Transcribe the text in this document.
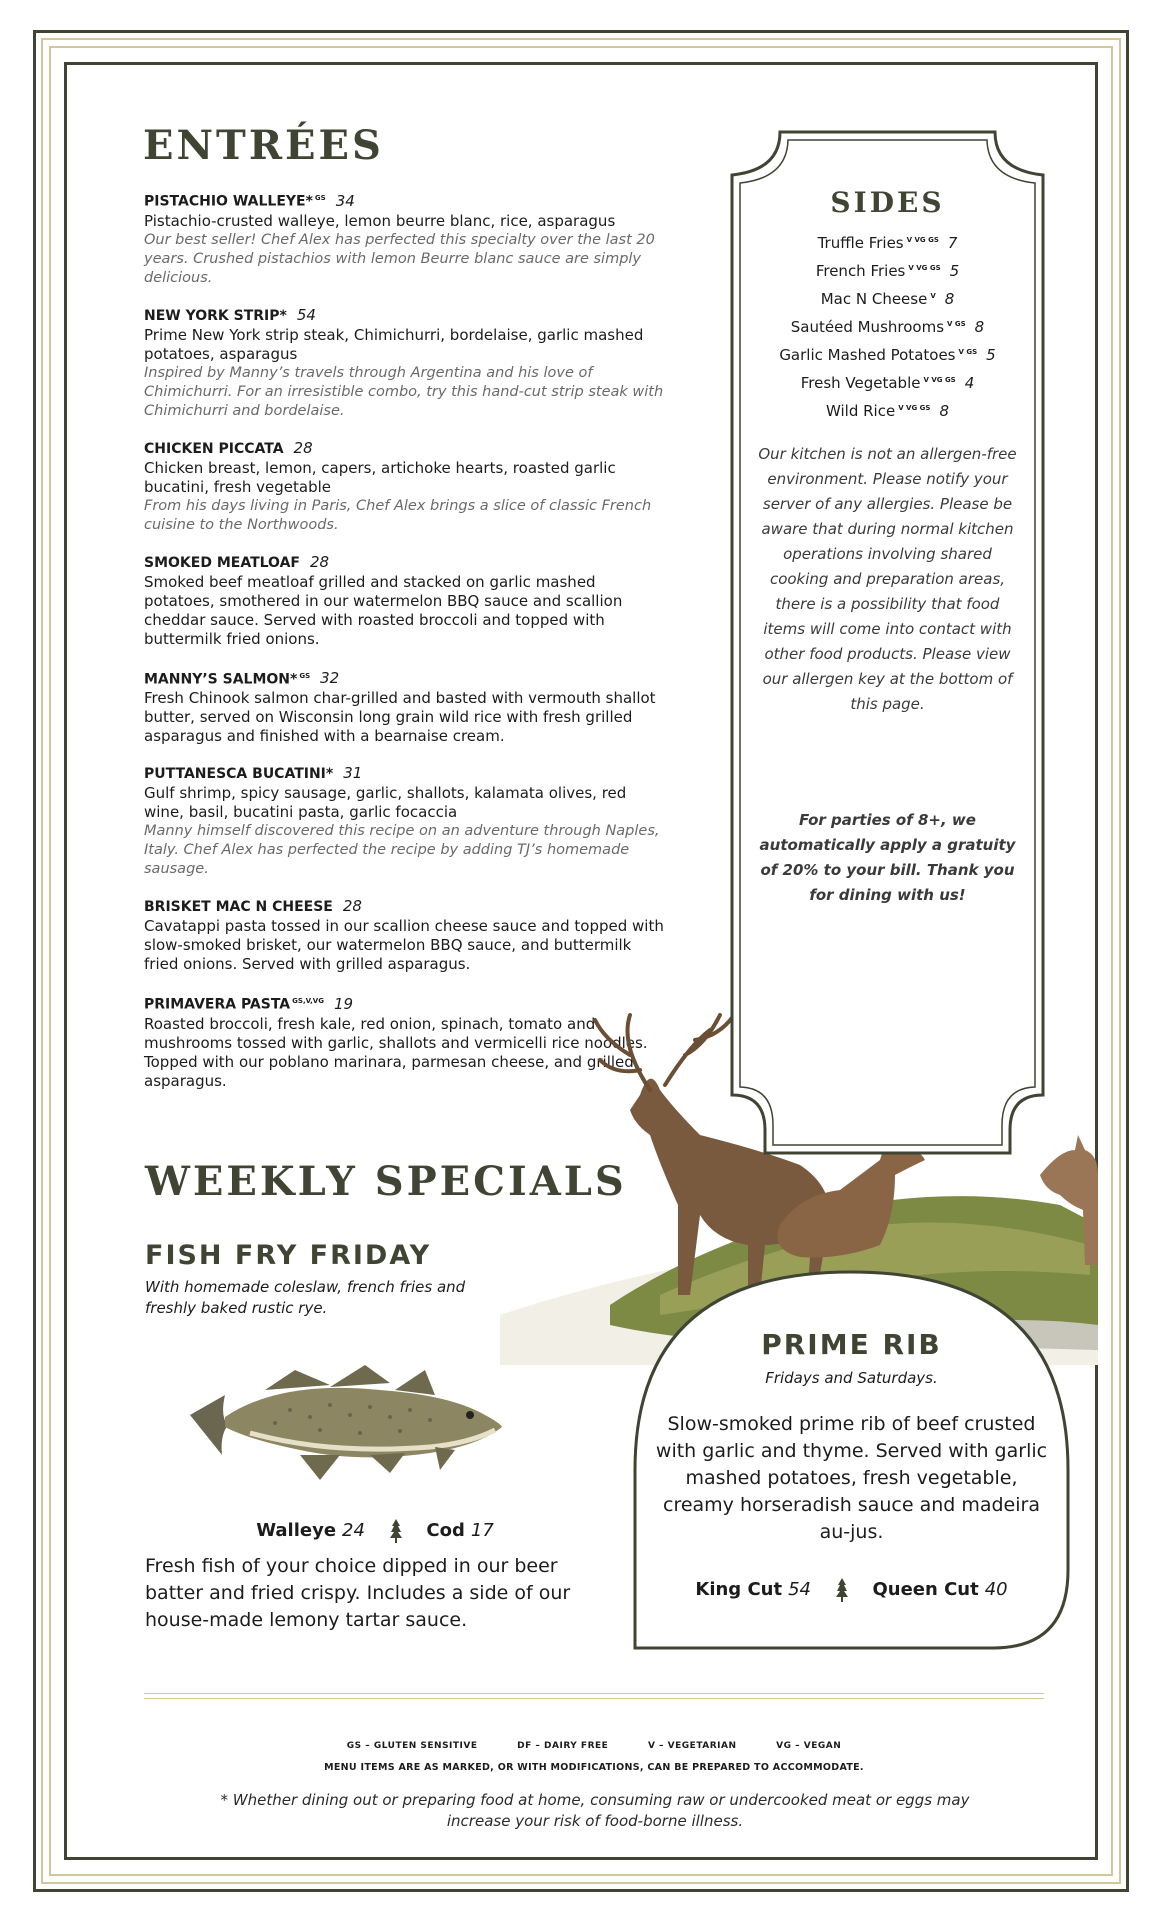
ENTRÉES
PISTACHIO WALLEYE* $^{GS}$ 34
Pistachio-crusted walleye, lemon beurre blanc, rice, asparagus
Our best seller! Chef Alex has perfected this specialty over the last 20 years. Crushed pistachios with lemon Beurre blanc sauce are simply delicious.
NEW YORK STRIP* 54
Prime New York strip steak, Chimichurri, bordelaise, garlic mashed potatoes, asparagus
Inspired by Manny’s travels through Argentina and his love of Chimichurri. For an irresistible combo, try this hand-cut strip steak with Chimichurri and bordelaise.
CHICKEN PICCATA 28
Chicken breast, lemon, capers, artichoke hearts, roasted garlic bucatini, fresh vegetable
From his days living in Paris, Chef Alex brings a slice of classic French cuisine to the Northwoods.
SMOKED MEATLOAF 28
Smoked beef meatloaf grilled and stacked on garlic mashed potatoes, smothered in our watermelon BBQ sauce and scallion cheddar sauce. Served with roasted broccoli and topped with buttermilk fried onions.
MANNY’S SALMON* $^{GS}$ 32
Fresh Chinook salmon char-grilled and basted with vermouth shallot butter, served on Wisconsin long grain wild rice with fresh grilled asparagus and finished with a bearnaise cream.
PUTTANESCA BUCATINI* 31
Gulf shrimp, spicy sausage, garlic, shallots, kalamata olives, red wine, basil, bucatini pasta, garlic focaccia
Manny himself discovered this recipe on an adventure through Naples, Italy. Chef Alex has perfected the recipe by adding TJ’s homemade sausage.
BRISKET MAC N CHEESE 28
Cavatappi pasta tossed in our scallion cheese sauce and topped with slow-smoked brisket, our watermelon BBQ sauce, and buttermilk fried onions. Served with grilled asparagus.
PRIMAVERA PASTA $^{GS,V,VG}$ 19
Roasted broccoli, fresh kale, red onion, spinach, tomato and mushrooms tossed with garlic, shallots and vermicelli rice noodles. Topped with our poblano marinara, parmesan cheese, and grilled asparagus.
SIDES
Truffle Fries $^{V VG GS}$ 7
French Fries $^{V VG GS}$ 5
Mac N Cheese $^V$ 8
Sautéed Mushrooms $^{V GS}$ 8
Garlic Mashed Potatoes $^{V GS}$ 5
Fresh Vegetable $^{V VG GS}$ 4
Wild Rice $^{V VG GS}$ 8
Our kitchen is not an allergen-free environment. Please notify your server of any allergies. Please be aware that during normal kitchen operations involving shared cooking and preparation areas, there is a possibility that food items will come into contact with other food products. Please view our allergen key at the bottom of this page.
For parties of 8+, we automatically apply a gratuity of 20% to your bill. Thank you for dining with us!
WEEKLY SPECIALS
FISH FRY FRIDAY
With homemade coleslaw, french fries and freshly baked rustic rye.
Walleye 24	Cod 17
Fresh fish of your choice dipped in our beer batter and fried crispy. Includes a side of our house-made lemony tartar sauce.
PRIME RIB
Fridays and Saturdays.
Slow-smoked prime rib of beef crusted with garlic and thyme. Served with garlic mashed potatoes, fresh vegetable, creamy horseradish sauce and madeira au-jus.
King Cut 54	Queen Cut 40
GS – GLUTEN SENSITIVE	DF – DAIRY FREE	V – VEGETARIAN	VG – VEGAN
MENU ITEMS ARE AS MARKED, OR WITH MODIFICATIONS, CAN BE PREPARED TO ACCOMMODATE.
* Whether dining out or preparing food at home, consuming raw or undercooked meat or eggs may increase your risk of food-borne illness.
